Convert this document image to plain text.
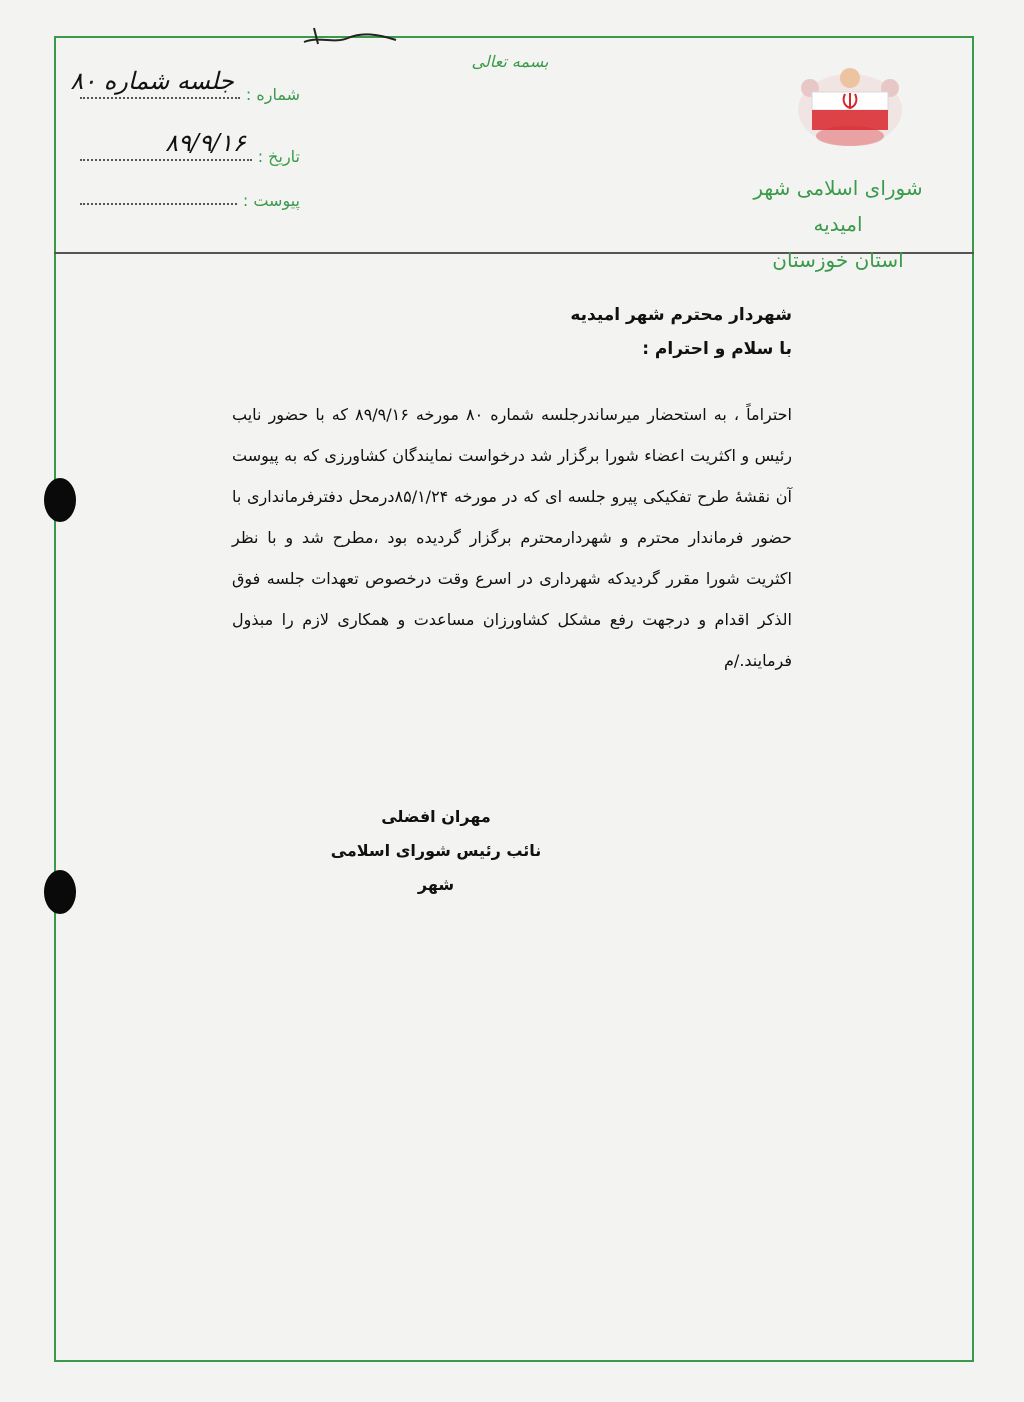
بسمه تعالی
شورای اسلامی شهر امیدیه
استان خوزستان
شماره :
جلسه شماره ۸۰
تاریخ :
۸۹/۹/۱۶
پیوست :
شهردار محترم شهر امیدیه
با سلام و احترام :
احتراماً ، به استحضار میرساندرجلسه شماره ۸۰ مورخه ۸۹/۹/۱۶ که با حضور نایب رئیس و اکثریت اعضاء شورا برگزار شد درخواست نمایندگان کشاورزی که به پیوست آن نقشهٔ طرح تفکیکی پیرو جلسه ای که در مورخه ۸۵/۱/۲۴درمحل دفترفرمانداری با حضور فرماندار محترم و شهردارمحترم برگزار گردیده بود ،مطرح شد و با نظر اکثریت شورا مقرر گردیدکه شهرداری در اسرع وقت درخصوص تعهدات جلسه فوق الذکر اقدام و درجهت رفع مشکل کشاورزان مساعدت و همکاری لازم را مبذول فرمایند./م
مهران افضلی
نائب رئیس شورای اسلامی شهر
